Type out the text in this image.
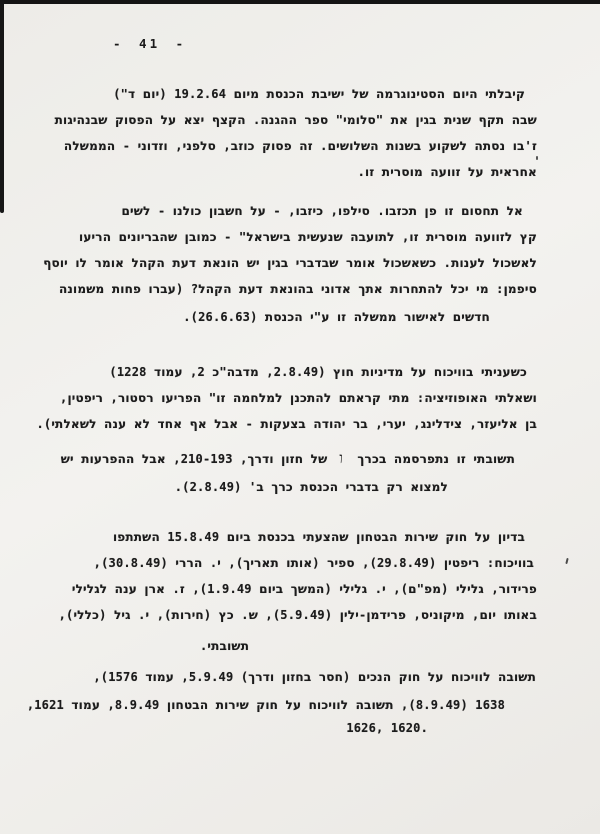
- 41 -
קיבלתי היום הסטינוגרמה של ישיבת הכנסת מיום 19.2.64 (יום ד")
שבה תקף שנית בגין את "סלומי" ספר ההגנה. הקצף יצא על הפסוק שבנהיגות
ז'בו נסתה לשקוע בשנות השלושים. זה פסוק כוזב, סלפני, וזדוני - הממשלה
אחראית על זוועה מוסרית זו.
אל תחסום זו פן תכזבו. סילפו, כיזבו, - על חשבון כולנו - לשים
קץ לזוועה מוסרית זו, לתועבה שנעשית בישראל" - כמובן שהבריונים הריעו
לאשכול לענות. כשאשכול אומר שבדברי בגין יש הונאת דעת הקהל אומר לו יוסף
סיפמן: מי יכל להתחרות אתך אדוני בהונאת דעת הקהל? (עברו פחות משמונה
חדשים לאישור ממשלה זו ע"י הכנסת (26.6.63).
כשעניתי בוויכוח על מדיניות חוץ (2.8.49, מדבה"כ 2, עמוד 1228)
ושאלתי האופוזיציה: מתי קראתם להתכנן למלחמה זו" הפריעו רסטור, ריפטין,
בן אליעזר, צידלינג, יערי, בר יהודה בצעקות - אבל אף אחד לא ענה לשאלתי).
תשובתי זו נתפרסמה בכרךושל חזון ודרך, 210-193, אבל ההפרעות יש
למצוא רק בדברי הכנסת כרך ב' (2.8.49).
בדיון על חוק שירות הבטחון שהצעתי בכנסת ביום 15.8.49 השתתפו
בוויכוח: ריפטין (29.8.49), ספיר (אותו תאריך), י. הררי (30.8.49),
פרידור, גלילי (מפ"ם), י. גלילי (המשך ביום 1.9.49), ז. ארן ענה לגלילי
באותו יום, מיקוניס, פרידמן-ילין (5.9.49), ש. כץ (חירות), י. גיל (כללי),
תשובתי.
תשובה לוויכוח על חוק הנכים (חסר בחזון ודרך) 5.9.49, עמוד 1576),
1638 (8.9.49), תשובה לוויכוח על חוק שירות הבטחון 8.9.49, עמוד 1621,
1626, 1620.
